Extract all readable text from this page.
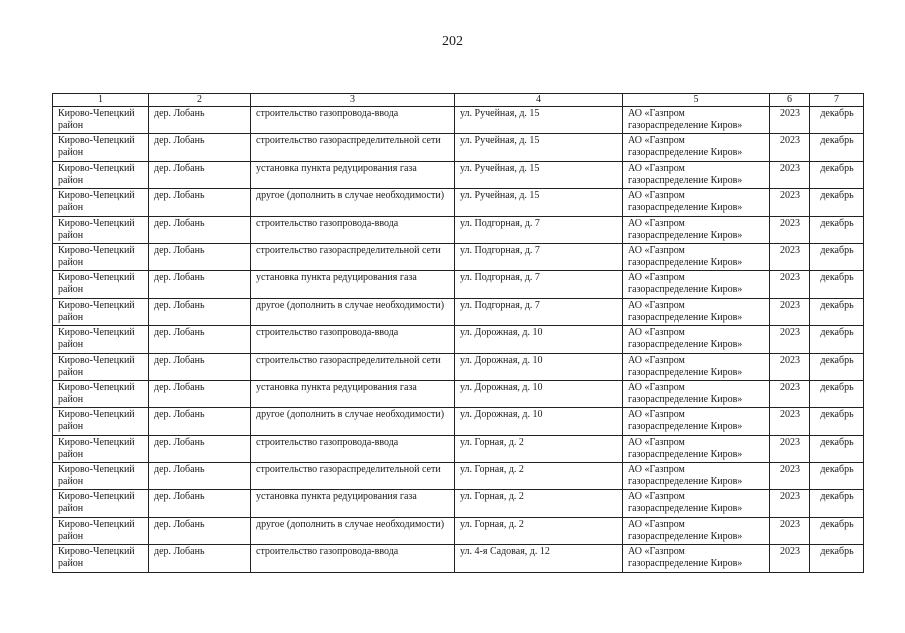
202
1	2	3	4	5	6	7
Кирово-Чепецкий район	дер. Лобань	строительство газопровода-ввода	ул. Ручейная, д. 15	АО «Газпром газораспределение Киров»	2023	декабрь
Кирово-Чепецкий район	дер. Лобань	строительство газораспределительной сети	ул. Ручейная, д. 15	АО «Газпром газораспределение Киров»	2023	декабрь
Кирово-Чепецкий район	дер. Лобань	установка пункта редуцирования газа	ул. Ручейная, д. 15	АО «Газпром газораспределение Киров»	2023	декабрь
Кирово-Чепецкий район	дер. Лобань	другое (дополнить в случае необходимости)	ул. Ручейная, д. 15	АО «Газпром газораспределение Киров»	2023	декабрь
Кирово-Чепецкий район	дер. Лобань	строительство газопровода-ввода	ул. Подгорная, д. 7	АО «Газпром газораспределение Киров»	2023	декабрь
Кирово-Чепецкий район	дер. Лобань	строительство газораспределительной сети	ул. Подгорная, д. 7	АО «Газпром газораспределение Киров»	2023	декабрь
Кирово-Чепецкий район	дер. Лобань	установка пункта редуцирования газа	ул. Подгорная, д. 7	АО «Газпром газораспределение Киров»	2023	декабрь
Кирово-Чепецкий район	дер. Лобань	другое (дополнить в случае необходимости)	ул. Подгорная, д. 7	АО «Газпром газораспределение Киров»	2023	декабрь
Кирово-Чепецкий район	дер. Лобань	строительство газопровода-ввода	ул. Дорожная, д. 10	АО «Газпром газораспределение Киров»	2023	декабрь
Кирово-Чепецкий район	дер. Лобань	строительство газораспределительной сети	ул. Дорожная, д. 10	АО «Газпром газораспределение Киров»	2023	декабрь
Кирово-Чепецкий район	дер. Лобань	установка пункта редуцирования газа	ул. Дорожная, д. 10	АО «Газпром газораспределение Киров»	2023	декабрь
Кирово-Чепецкий район	дер. Лобань	другое (дополнить в случае необходимости)	ул. Дорожная, д. 10	АО «Газпром газораспределение Киров»	2023	декабрь
Кирово-Чепецкий район	дер. Лобань	строительство газопровода-ввода	ул. Горная, д. 2	АО «Газпром газораспределение Киров»	2023	декабрь
Кирово-Чепецкий район	дер. Лобань	строительство газораспределительной сети	ул. Горная, д. 2	АО «Газпром газораспределение Киров»	2023	декабрь
Кирово-Чепецкий район	дер. Лобань	установка пункта редуцирования газа	ул. Горная, д. 2	АО «Газпром газораспределение Киров»	2023	декабрь
Кирово-Чепецкий район	дер. Лобань	другое (дополнить в случае необходимости)	ул. Горная, д. 2	АО «Газпром газораспределение Киров»	2023	декабрь
Кирово-Чепецкий район	дер. Лобань	строительство газопровода-ввода	ул. 4-я Садовая, д. 12	АО «Газпром газораспределение Киров»	2023	декабрь
